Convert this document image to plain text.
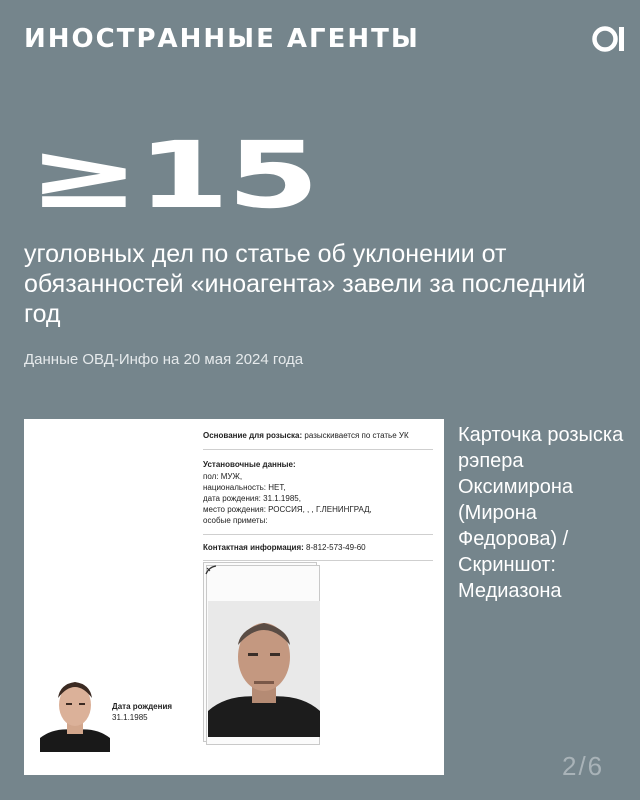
ИНОСТРАННЫЕ АГЕНТЫ
≥15

уголовных дел по статье об уклонении от обязанностей «иноагента» завели за последний год

Данные ОВД-Инфо на 20 мая 2024 года
Основание для розыска: разыскивается по статье УК
Установочные данные:
пол: МУЖ,
национальность: НЕТ,
дата рождения: 31.1.1985,
место рождения: РОССИЯ, , , Г.ЛЕНИНГРАД,
особые приметы:
Контактная информация: 8-812-573-49-60
Дата рождения
31.1.1985

Карточка розыска рэпера Оксимирона (Мирона Федорова) / Скриншот: Медиазона

2/6
